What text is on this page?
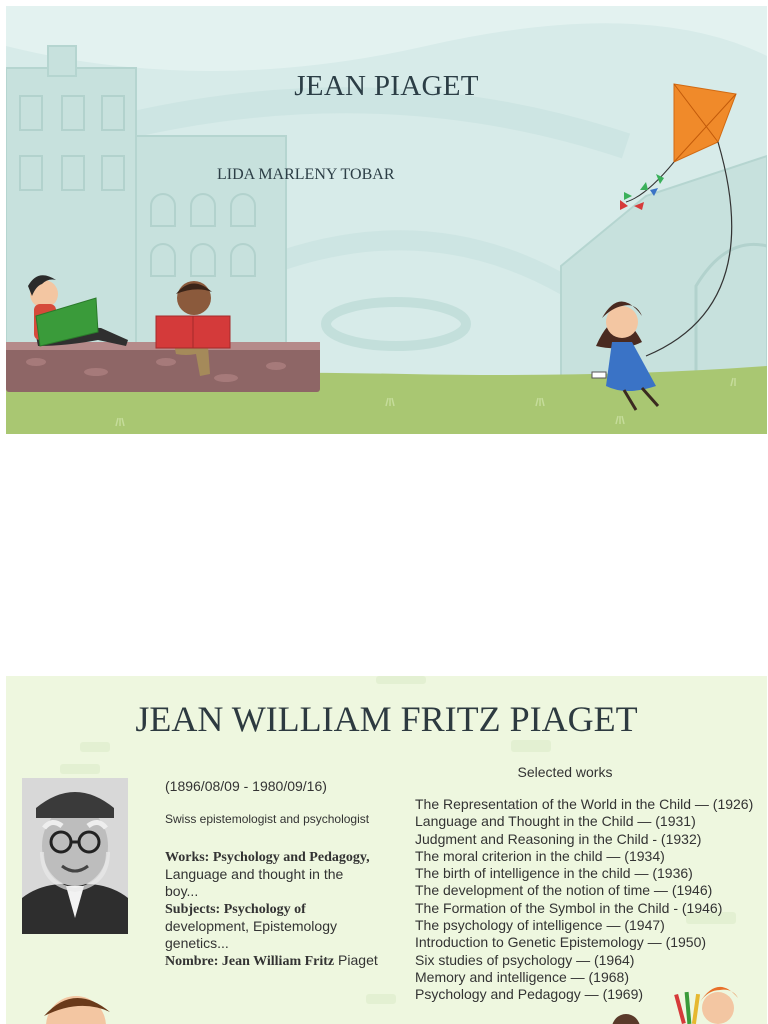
JEAN PIAGET
LIDA MARLENY TOBAR
JEAN WILLIAM FRITZ PIAGET
(1896/08/09 - 1980/09/16)
Swiss epistemologist and psychologist
Works: Psychology and Pedagogy, Language and thought in the boy...
Subjects: Psychology of development, Epistemology genetics...
Nombre: Jean William Fritz Piaget
Selected works
The Representation of the World in the Child — (1926)
Language and Thought in the Child — (1931)
Judgment and Reasoning in the Child - (1932)
The moral criterion in the child — (1934)
The birth of intelligence in the child — (1936)
The development of the notion of time — (1946)
The Formation of the Symbol in the Child - (1946)
The psychology of intelligence — (1947)
Introduction to Genetic Epistemology — (1950)
Six studies of psychology — (1964)
Memory and intelligence — (1968)
Psychology and Pedagogy — (1969)
